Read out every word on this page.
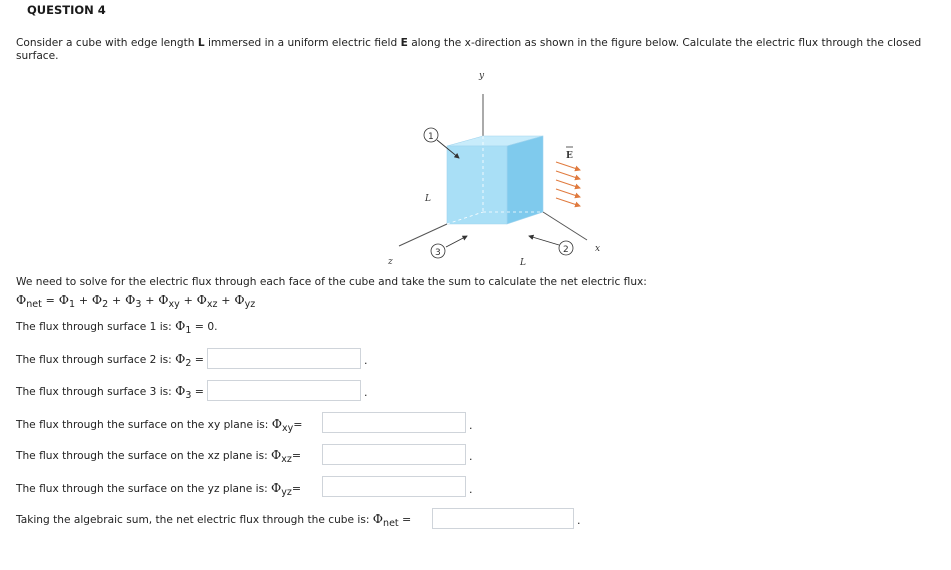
QUESTION 4
Consider a cube with edge length L immersed in a uniform electric field E along the x-direction as shown in the figure below. Calculate the electric flux through the closed surface.
y
x
z
L
L
1
3	2
E
We need to solve for the electric flux through each face of the cube and take the sum to calculate the net electric flux:
$\Phi_{net} = \Phi_1 + \Phi_2 + \Phi_3 + \Phi_{xy} + \Phi_{xz} + \Phi_{yz}$
The flux through surface 1 is: Φ1 = 0.
The flux through surface 2 is: Φ2 =	.
The flux through surface 3 is: Φ3 =	.
The flux through the surface on the xy plane is: Φxy=	.
The flux through the surface on the xz plane is: Φxz=	.
The flux through the surface on the yz plane is: Φyz=	.
Taking the algebraic sum, the net electric flux through the cube is: Φnet =	.
